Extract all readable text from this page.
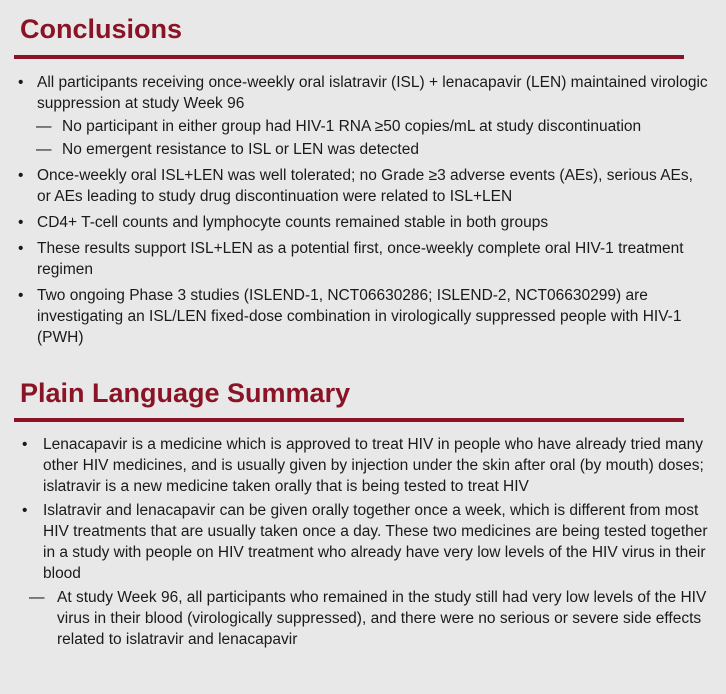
Conclusions
• All participants receiving once-weekly oral islatravir (ISL) + lenacapavir (LEN) maintained virologic suppression at study Week 96
— No participant in either group had HIV-1 RNA ≥50 copies/mL at study discontinuation
— No emergent resistance to ISL or LEN was detected
• Once-weekly oral ISL+LEN was well tolerated; no Grade ≥3 adverse events (AEs), serious AEs, or AEs leading to study drug discontinuation were related to ISL+LEN
• CD4+ T-cell counts and lymphocyte counts remained stable in both groups
• These results support ISL+LEN as a potential first, once-weekly complete oral HIV-1 treatment regimen
• Two ongoing Phase 3 studies (ISLEND-1, NCT06630286; ISLEND-2, NCT06630299) are investigating an ISL/LEN fixed-dose combination in virologically suppressed people with HIV-1 (PWH)
Plain Language Summary
• Lenacapavir is a medicine which is approved to treat HIV in people who have already tried many other HIV medicines, and is usually given by injection under the skin after oral (by mouth) doses; islatravir is a new medicine taken orally that is being tested to treat HIV
• Islatravir and lenacapavir can be given orally together once a week, which is different from most HIV treatments that are usually taken once a day. These two medicines are being tested together in a study with people on HIV treatment who already have very low levels of the HIV virus in their blood
— At study Week 96, all participants who remained in the study still had very low levels of the HIV virus in their blood (virologically suppressed), and there were no serious or severe side effects related to islatravir and lenacapavir
